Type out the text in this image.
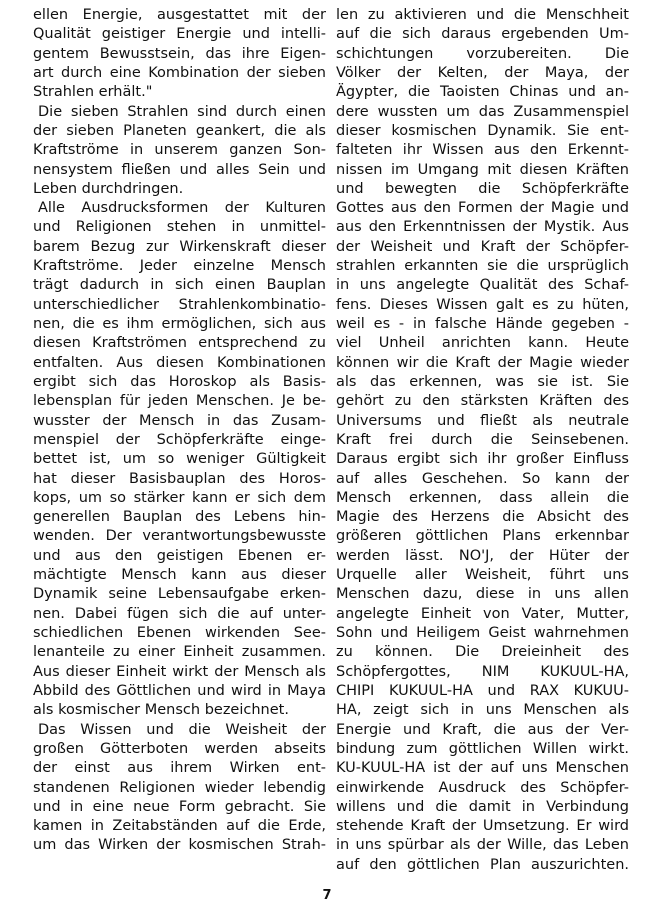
ellen Energie, ausgestattet mit der
Qualität geistiger Energie und intelli-
gentem Bewusstsein, das ihre Eigen-
art durch eine Kombination der sieben
Strahlen erhält."
Die sieben Strahlen sind durch einen
der sieben Planeten geankert, die als
Kraftströme in unserem ganzen Son-
nensystem fließen und alles Sein und
Leben durchdringen.
Alle Ausdrucksformen der Kulturen
und Religionen stehen in unmittel-
barem Bezug zur Wirkenskraft dieser
Kraftströme. Jeder einzelne Mensch
trägt dadurch in sich einen Bauplan
unterschiedlicher Strahlenkombinatio-
nen, die es ihm ermöglichen, sich aus
diesen Kraftströmen entsprechend zu
entfalten. Aus diesen Kombinationen
ergibt sich das Horoskop als Basis-
lebensplan für jeden Menschen. Je be-
wusster der Mensch in das Zusam-
menspiel der Schöpferkräfte einge-
bettet ist, um so weniger Gültigkeit
hat dieser Basisbauplan des Horos-
kops, um so stärker kann er sich dem
generellen Bauplan des Lebens hin-
wenden. Der verantwortungsbewusste
und aus den geistigen Ebenen er-
mächtigte Mensch kann aus dieser
Dynamik seine Lebensaufgabe erken-
nen. Dabei fügen sich die auf unter-
schiedlichen Ebenen wirkenden See-
lenanteile zu einer Einheit zusammen.
Aus dieser Einheit wirkt der Mensch als
Abbild des Göttlichen und wird in Maya
als kosmischer Mensch bezeichnet.
Das Wissen und die Weisheit der
großen Götterboten werden abseits
der einst aus ihrem Wirken ent-
standenen Religionen wieder lebendig
und in eine neue Form gebracht. Sie
kamen in Zeitabständen auf die Erde,
um das Wirken der kosmischen Strah-
len zu aktivieren und die Menschheit
auf die sich daraus ergebenden Um-
schichtungen vorzubereiten. Die
Völker der Kelten, der Maya, der
Ägypter, die Taoisten Chinas und an-
dere wussten um das Zusammenspiel
dieser kosmischen Dynamik. Sie ent-
falteten ihr Wissen aus den Erkennt-
nissen im Umgang mit diesen Kräften
und bewegten die Schöpferkräfte
Gottes aus den Formen der Magie und
aus den Erkenntnissen der Mystik. Aus
der Weisheit und Kraft der Schöpfer-
strahlen erkannten sie die ursprüglich
in uns angelegte Qualität des Schaf-
fens. Dieses Wissen galt es zu hüten,
weil es - in falsche Hände gegeben -
viel Unheil anrichten kann. Heute
können wir die Kraft der Magie wieder
als das erkennen, was sie ist. Sie
gehört zu den stärksten Kräften des
Universums und fließt als neutrale
Kraft frei durch die Seinsebenen.
Daraus ergibt sich ihr großer Einfluss
auf alles Geschehen. So kann der
Mensch erkennen, dass allein die
Magie des Herzens die Absicht des
größeren göttlichen Plans erkennbar
werden lässt. NO'J, der Hüter der
Urquelle aller Weisheit, führt uns
Menschen dazu, diese in uns allen
angelegte Einheit von Vater, Mutter,
Sohn und Heiligem Geist wahrnehmen
zu können. Die Dreieinheit des
Schöpfergottes, NIM KUKUUL-HA,
CHIPI KUKUUL-HA und RAX KUKUU-
HA, zeigt sich in uns Menschen als
Energie und Kraft, die aus der Ver-
bindung zum göttlichen Willen wirkt.
KU-KUUL-HA ist der auf uns Menschen
einwirkende Ausdruck des Schöpfer-
willens und die damit in Verbindung
stehende Kraft der Umsetzung. Er wird
in uns spürbar als der Wille, das Leben
auf den göttlichen Plan auszurichten.
7
